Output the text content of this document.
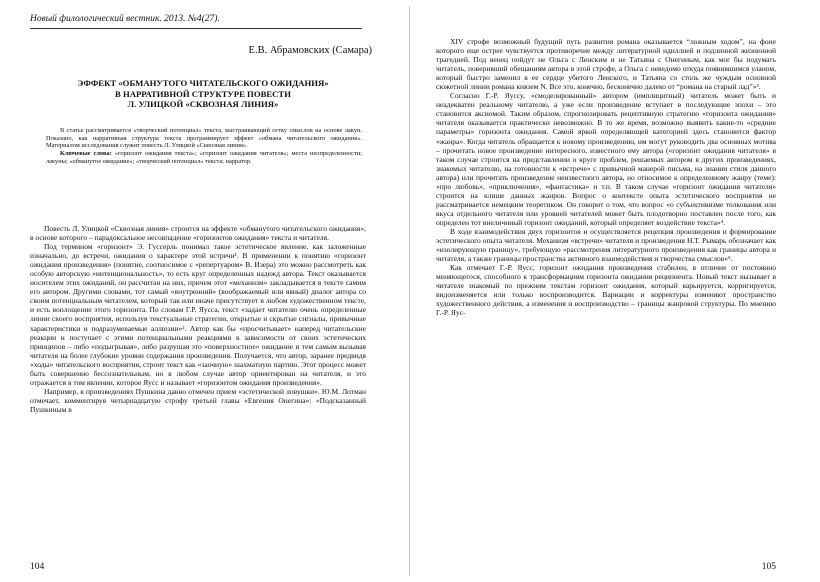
Новый филологический вестник. 2013. №4(27).
Е.В. Абрамовских (Самара)
ЭФФЕКТ «ОБМАНУТОГО ЧИТАТЕЛЬСКОГО ОЖИДАНИЯ»
В НАРРАТИВНОЙ СТРУКТУРЕ ПОВЕСТИ
Л. УЛИЦКОЙ «СКВОЗНАЯ ЛИНИЯ»

В статье рассматривается «творческий потенциал» текста, выстраивающий сетку смыслов на основе лакун. Показано, как нарративная структура текста программирует эффект «обмана читательского ожидания». Материалом исследования служит повесть Л. Улицкой «Сквозная линия».

Ключевые слова: «горизонт ожидания текста»; «горизонт ожидания читателя»; места неопределенности; лакуны; «обманутое ожидание»; «творческий потенциал» текста; нарратор.

Повесть Л. Улицкой «Сквозная линия» строится на эффекте «обманутого читательского ожидания», в основе которого – парадоксальное несовпадение «горизонтов ожидания» текста и читателя.

Под термином «горизонт» Э. Гуссерль понимал такое эстетическое явление, как заложенные изначально, до встречи, ожидания о характере этой встречи¹. В применении к понятию «горизонт ожидания произведения» (понятие, соотносимое с «репертуаром» В. Изера) это можно рассмотреть как особую авторскую «интенциональность», то есть круг определенных надежд автора. Текст оказывается носителем этих ожиданий, он рассчитан на них, причем этот «механизм» закладывается в тексте самим его автором. Другими словами, тот самый «внутренний» (воображаемый или явный) диалог автора со своим потенциальным читателем, который так или иначе присутствует в любом художественном тексте, и есть воплощение этого горизонта. По словам Г.Р. Яусса, текст «задает читателю очень определенные линии своего восприятия, используя текстуальные стратегии, открытые и скрытые сигналы, привычные характеристики и подразумеваемые аллюзии»². Автор как бы «просчитывает» наперед читательские реакции и поступает с этими потенциальными реакциями в зависимости от своих эстетических принципов – либо «подыгрывая», либо разрушая это «поверхностное» ожидание и тем самым вызывая читателя на более глубокие уровни содержания произведения. Получается, что автор, заранее предвидя «ходы» читательского восприятия, строит текст как «заочную» шахматную партию. Этот процесс может быть совершенно бессознательным, но в любом случае автор ориентирован на читателя, и это отражается в том явлении, которое Яусс и называет «горизонтом ожидания произведения».

Например, в произведениях Пушкина давно отмечен прием «эстетической ловушки». Ю.М. Лотман отмечает, комментируя четырнадцатую строфу третьей главы «Евгения Онегина»: «Подсказанный Пушкиным в

104

XIV строфе возможный будущий путь развития романа оказывается “ложным ходом”, на фоне которого еще острее чувствуется противоречие между литературной идиллией и подлинной жизненной трагедией. Под венец пойдут не Ольга с Ленским и не Татьяна с Онегиным, как мог бы подумать читатель, поверивший обещаниям автора в этой строфе, а Ольга с неведомо откуда появившимся уланом, который быстро заменил в ее сердце убитого Ленского, и Татьяна со столь же чуждым основной сюжетной линии романа князем N. Все это, конечно, бесконечно далеко от “романа на старый лад”»³.

Согласно Г.-Р. Яуссу, «смоделированный» автором (имплицитный) читатель может быть и неадекватен реальному читателю, а уже если произведение вступает в последующие эпохи – это становится аксиомой. Таким образом, спрогнозировать рецептивную стратегию «горизонта ожидания» читателя оказывается практически невозможно. В то же время, возможно выявить какие-то «средние параметры» горизонта ожидания. Самой яркой определяющей категорией здесь становится фактор «жанра». Когда читатель обращается к новому произведению, им могут руководить два основных мотива – прочитать новое произведение интересного, известного ему автора («горизонт ожидания читателя» в таком случае строится на представлении о круге проблем, решаемых автором в других произведениях, знакомых читателю, на готовности к «встрече» с привычной манерой письма, на знании стиля данного автора) или прочитать произведение неизвестного автора, но относимое к определенному жанру (теме): «про любовь», «приключения», «фантастика» и т.п. В таком случае «горизонт ожидания читателя» строится на клише данных жанров. Вопрос о контексте опыта эстетического восприятия не рассматривается немецким теоретиком. Он говорит о том, что вопрос «о субъективизме толкования или вкуса отдельного читателя или уровней читателей может быть плодотворно поставлен после того, как определен тот внеличниый горизонт ожиданий, который определяет воздействие текста»⁴.

В ходе взаимодействия двух горизонтов и осуществляется рецепция произведения и формирование эстетического опыта читателя. Механизм «встречи» читателя и произведения Н.Т. Рымарь обозначает как «изолирующую границу», требующую «рассмотрения литературного произведения как границы автора и читателя, а также границы пространства активного взаимодействия и творчества смыслов»⁵.

Как отмечает Г.-Р. Яусс, горизонт ожидания произведения стабилен, в отличие от постоянно меняющегося, способного к трансформациям горизонта ожидания реципиента. Новый текст вызывает в читателе знакомый по прежним текстам горизонт ожидания, который варьируется, корригируется, видоизменяется или только воспроизводится. Вариации и корректуры изменяют пространство художественного действия, а изменения и воспроизводство – границы жанровой структуры. По мнению Г.-Р. Яус-

105
